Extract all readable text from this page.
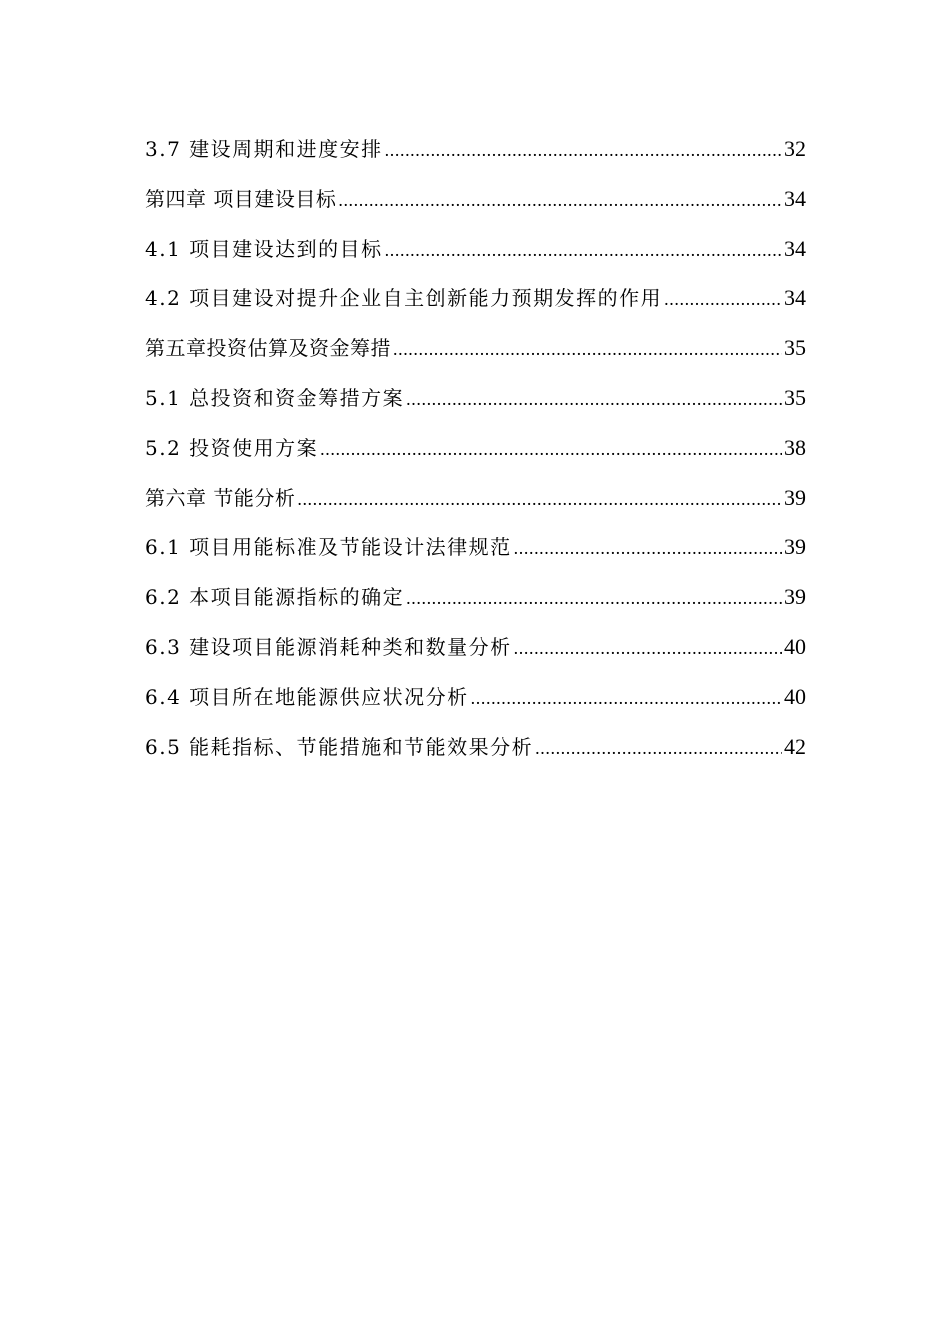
3.7 建设周期和进度安排 .....	32
第四章 项目建设目标 .....	34
4.1 项目建设达到的目标 .....	34
4.2 项目建设对提升企业自主创新能力预期发挥的作用 .....	34
第五章投资估算及资金筹措 .....	35
5.1 总投资和资金筹措方案 .....	35
5.2 投资使用方案 .....	38
第六章 节能分析 .....	39
6.1 项目用能标准及节能设计法律规范 .....	39
6.2 本项目能源指标的确定 .....	39
6.3 建设项目能源消耗种类和数量分析 .....	40
6.4 项目所在地能源供应状况分析 .....	40
6.5 能耗指标、节能措施和节能效果分析 .....	42
